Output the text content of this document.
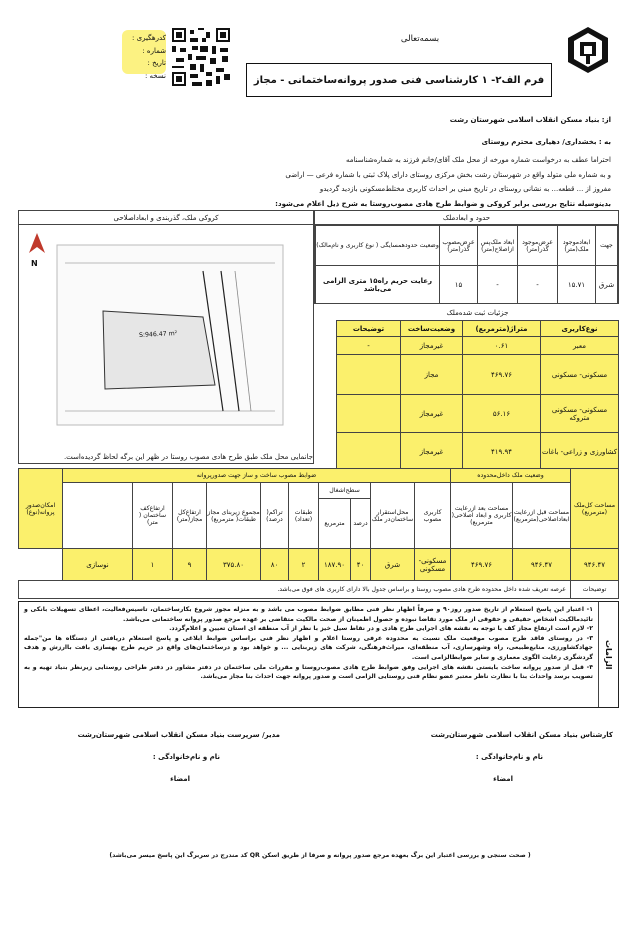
بسمه‌تعالی
فرم الف۲- ۱ کارشناسی فنی صدور پروانه‌ساختمانی - مجاز
کدرهگیری :
شماره :
تاریخ :
نسخه :
از: بنیاد مسکن انقلاب اسلامی شهرستان رشت
به : بخشداری/ دهیاری محترم روستای
احتراما عطف به درخواست شماره مورخه از محل ملک آقای/خانم فرزند به شماره‌شناسنامه
و به شماره ملی متولد واقع در شهرستان رشت بخش مرکزی روستای دارای پلاک ثبتی با شماره فرعی — اراضی
مفروز از ... قطعه... به نشانی روستای در تاریخ مبنی بر احداث کاربری مختلط‌مسکونی بازدید گردیدو
بدینوسیله نتایج بررسی برابر کروکی و ضوابط طرح هادی مصوب‌روستا به شرح ذیل اعلام می‌شود:
کروکی ملک، گذربندی و ابعاداصلاحی
N
S:946.47 m²
جانمایی محل ملک طبق طرح هادی مصوب روستا در ظهر این برگه لحاظ گردیده‌است.
حدود و ابعادملک
جهت	ابعادموجود ملک(متر)	عرض‌موجود گذر(متر)	ابعاد ملک‌پس ازاصلاح(متر)	عرض‌مصوب گذر(متر)	وضعیت حدودهمسایگی ( نوع کاربری و نام‌مالک)
شرق	۱۵.۷۱	-	-	۱۵	رعایت حریم راه۱۵ متری الزامی می‌باشد
جزئیات ثبت شده‌ملک
نوع‌کاربری	متراژ(مترمربع)	وضعیت‌ساخت	توضیحات
معبر	۰.۶۱	غیرمجاز	-
مسکونی- مسکونی	۴۶۹.۷۶	مجاز	
مسکونی- مسکونی متروکه	۵۶.۱۶	غیرمجاز	
کشاورزی و زراعی- باغات	۴۱۹.۹۴	غیرمجاز	
مساحت کل‌ملک (مترمربع)	وضعیت ملک داخل‌محدوده		ضوابط مصوب ساخت و ساز جهت صدورپروانه										امکان‌صدور پروانه(نوع)
	مساحت قبل ازرعایت ابعاداصلاحی(مترمربع)	مساحت بعد ازرعایت کاربری و ابعاد اصلاحی( مترمربع)	کاربری مصوب	محل‌استقرار ساختمان‌در ملک	سطح‌اشغال		طبقات (تعداد)	تراکم( درصد)	مجموع زیربنای مجاز طبقات( مترمربع)	ارتفاع‌کل مجاز(متر)	ارتفاع‌کف ساختمان ( متر)		
					درصد	مترمربع							
۹۴۶.۴۷	۹۴۶.۴۷	۴۶۹.۷۶	مسکونی- مسکونی	شرق	۴۰	۱۸۷.۹۰	۲	۸۰	۳۷۵.۸۰	۹	۱	نوسازی	
توضیحات	عرصه تعریف شده داخل محدوده طرح هادی مصوب روستا و براساس جدول بالا دارای کاربری های فوق می‌باشد.												
الزامات
۱- اعتبار این پاسخ استعلام از تاریخ صدور روز۹۰ و صرفاً اظهار نظر فنی مطابق ضوابط مصوب می باشد و به منزله مجوز شروع بکارساختمان، تاسیس‌فعالیت، اعطای تسهیلات بانکی و تائیدمالکیت اشخاص حقیقی و حقوقی از ملک مورد تقاضا نبوده و حصول اطمینان از صحت مالکیت متقاضی بر عهده مرجع صدور پروانه ساختمانی می‌باشد.
۲- لازم است ارتفاع مجاز کف با توجه به نقشه های اجرایی طرح هادی و در نقاط سیل خیز با نظر از آب منطقه ای استان تعیین و اعلام‌گردد.
۳- در روستای فاقد طرح مصوب موقعیت ملک نسبت به محدوده عرفی روستا اعلام و اظهار نظر فنی براساس ضوابط ابلاغی و پاسخ استعلام دریافتی از دستگاه ها من"جمله جهادکشاورزی، منابع‌طبیعی، راه وشهرسازی، آب منطقه‌ای، میراث‌فرهنگی، شرکت های زیربنایی ... و خواهد بود و درساختمان‌های واقع در حریم طرح بهسازی بافت باارزش و هدف گردشگری رعایت الگوی معماری و سایر ضوابطالزامی است.
۴- قبل از صدور پروانه ساخت بایستی نقشه های اجرایی وفق ضوابط طرح هادی مصوب‌روستا و مقررات ملی ساختمان در دفتر مشاور در دفتر طراحی روستایی زیرنظر بنیاد تهیه و به تصویب برسد واحداث بنا با نظارت ناظر معتبر عضو نظام فنی روستایی الزامی است و صدور پروانه جهت احداث بنا مجاز می‌باشد.
کارشناس بنیاد مسکن انقلاب اسلامی شهرستان‌رشت
نام و نام‌خانوادگی :
امضاء
مدیر/ سرپرست بنیاد مسکن انقلاب اسلامی شهرستان‌رشت
نام و نام‌خانوادگی :
امضاء
( صحت سنجی و بررسی اعتبار این برگ بعهده مرجع صدور پروانه و صرفا از طریق اسکن QR کد مندرج در سربرگ این پاسخ میسر می‌باشد)
